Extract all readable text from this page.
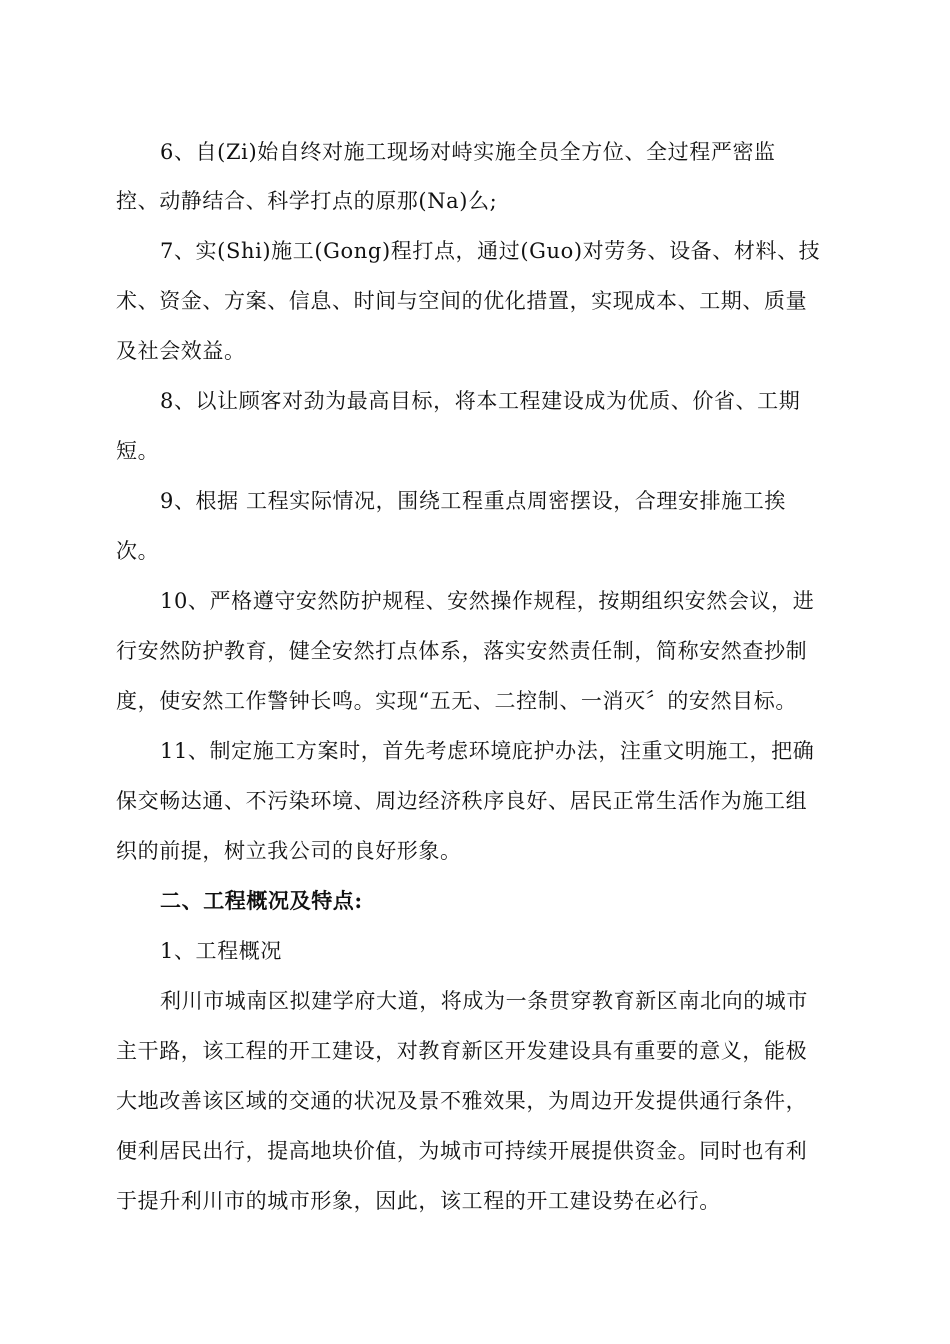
6、自(Zi)始自终对施工现场对峙实施全员全方位、全过程严密监
控、动静结合、科学打点的原那(Na)么;
7、实(Shi)施工(Gong)程打点，通过(Guo)对劳务、设备、材料、技
术、资金、方案、信息、时间与空间的优化措置，实现成本、工期、质量
及社会效益。
8、以让顾客对劲为最高目标，将本工程建设成为优质、价省、工期
短。
9、根据 工程实际情况，围绕工程重点周密摆设，合理安排施工挨
次。
10、严格遵守安然防护规程、安然操作规程，按期组织安然会议，进
行安然防护教育，健全安然打点体系，落实安然责任制，简称安然查抄制
度，使安然工作警钟长鸣。实现“五无、二控制、一消灭〞的安然目标。
11、制定施工方案时，首先考虑环境庇护办法，注重文明施工，把确
保交畅达通、不污染环境、周边经济秩序良好、居民正常生活作为施工组
织的前提，树立我公司的良好形象。
二、工程概况及特点:
1、工程概况
利川市城南区拟建学府大道，将成为一条贯穿教育新区南北向的城市
主干路，该工程的开工建设，对教育新区开发建设具有重要的意义，能极
大地改善该区域的交通的状况及景不雅效果，为周边开发提供通行条件，
便利居民出行，提高地块价值，为城市可持续开展提供资金。同时也有利
于提升利川市的城市形象，因此，该工程的开工建设势在必行。
